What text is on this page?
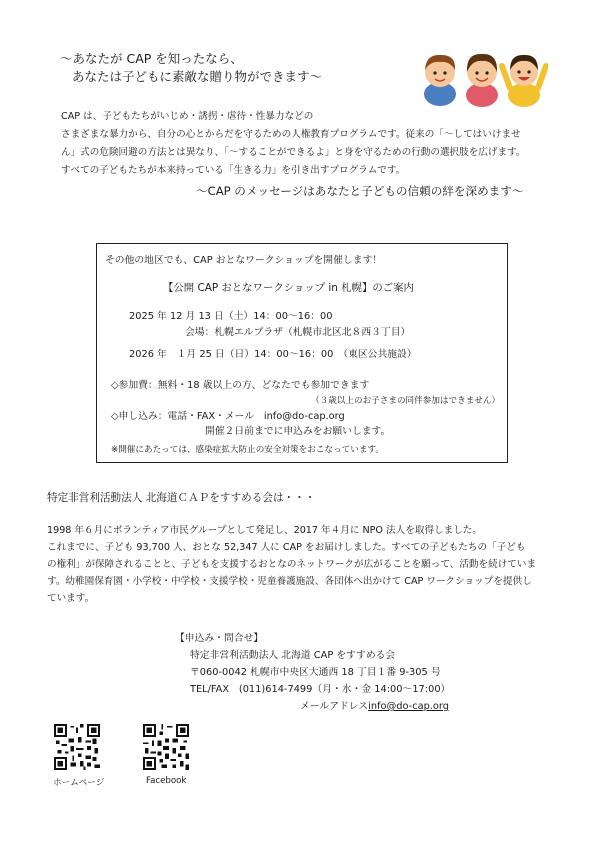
～あなたが CAP を知ったなら、
あなたは子どもに素敵な贈り物ができます～
CAP は、子どもたちがいじめ・誘拐・虐待・性暴力などの
さまざまな暴力から、自分の心とからだを守るための人権教育プログラムです。従来の「～してはいけませ
ん」式の危険回避の方法とは異なり、「～することができるよ」と身を守るための行動の選択肢を広げます。
すべての子どもたちが本来持っている「生きる力」を引き出すプログラムです。
～CAP のメッセージはあなたと子どもの信頼の絆を深めます～
その他の地区でも、CAP おとなワークショップを開催します！
【公開 CAP おとなワークショップ in 札幌】のご案内
2025 年 12 月 13 日（土）14：00～16：00
会場：札幌エルプラザ（札幌市北区北８西３丁目）
2026 年　１月 25 日（日）14：00～16：00　（東区公共施設）
◇参加費：無料・18 歳以上の方、どなたでも参加できます
（３歳以上のお子さまの同伴参加はできません）
◇申し込み：電話・FAX・メール　info@do-cap.org
開催２日前までに申込みをお願いします。
※開催にあたっては、感染症拡大防止の安全対策をおこなっています。
特定非営利活動法人 北海道ＣＡＰをすすめる会は・・・
1998 年６月にボランティア市民グループとして発足し、2017 年４月に NPO 法人を取得しました。
これまでに、子ども 93,700 人、おとな 52,347 人に CAP をお届けしました。すべての子どもたちの「子ども
の権利」が保障されることと、子どもを支援するおとなのネットワークが広がることを願って、活動を続けていま
す。幼稚園保育園・小学校・中学校・支援学校・児童養護施設、各団体へ出かけて CAP ワークショップを提供し
ています。
【申込み・問合せ】
特定非営利活動法人 北海道 CAP をすすめる会
〒060-0042 札幌市中央区大通西 18 丁目１番 9-305 号
TEL/FAX　(011)614-7499（月・水・金 14:00～17:00）
メールアドレスinfo@do-cap.org
ホームページ	Facebook
